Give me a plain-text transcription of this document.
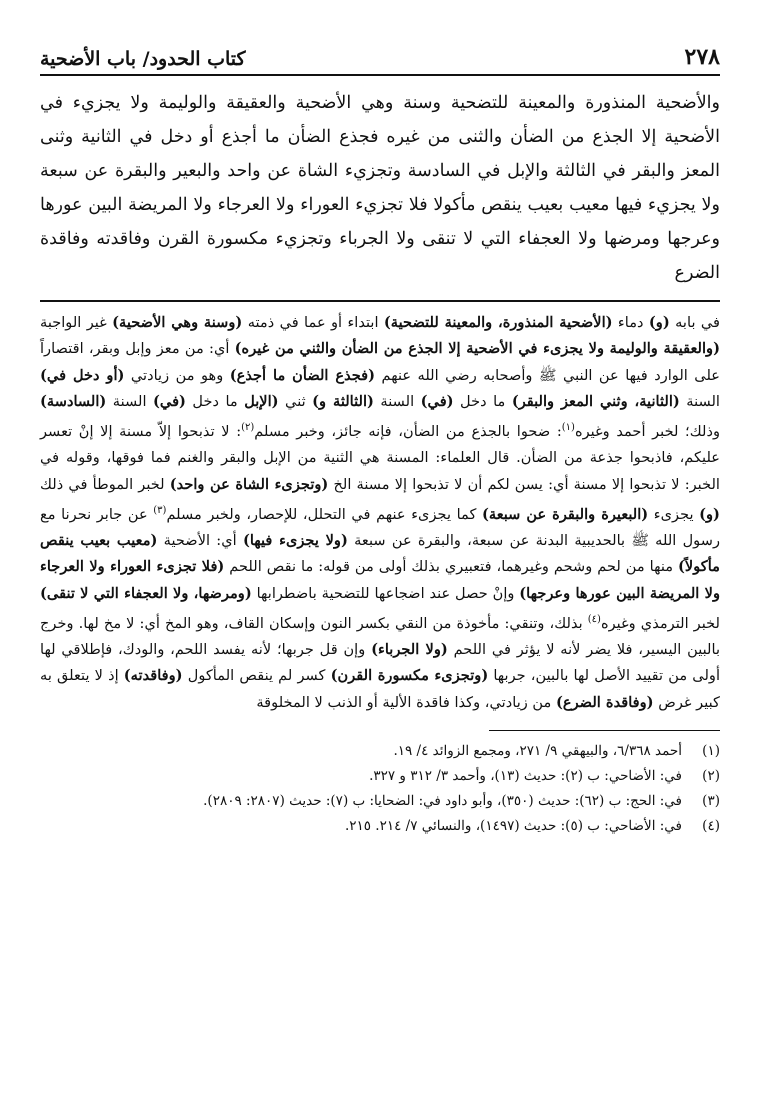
٢٧٨
كتاب الحدود/ باب الأضحية
والأضحية المنذورة والمعينة للتضحية وسنة وهي الأضحية والعقيقة والوليمة ولا يجزيء في الأضحية إلا الجذع من الضأن والثنى من غيره فجذع الضأن ما أجذع أو دخل في الثانية وثنى المعز والبقر في الثالثة والإبل في السادسة وتجزيء الشاة عن واحد والبعير والبقرة عن سبعة ولا يجزيء فيها معيب بعيب ينقص مأكولا فلا تجزيء العوراء ولا العرجاء ولا المريضة البين عورها وعرجها ومرضها ولا العجفاء التي لا تنقى ولا الجرباء وتجزيء مكسورة القرن وفاقدته وفاقدة الضرع
في بابه (و) دماء (الأضحية المنذورة، والمعينة للتضحية) ابتداء أو عما في ذمته (وسنة وهي الأضحية) غير الواجبة (والعقيقة والوليمة ولا يجزىء في الأضحية إلا الجذع من الضأن والثني من غيره) أي: من معز وإبل وبقر، اقتصاراً على الوارد فيها عن النبي ﷺ وأصحابه رضي الله عنهم (فجذع الضأن ما أجذع) وهو من زيادتي (أو دخل في) السنة (الثانية، وثني المعز والبقر) ما دخل (في) السنة (الثالثة و) ثني (الإبل ما دخل (في) السنة (السادسة) وذلك؛ لخبر أحمد وغيره$^{(١)}$: ضحوا بالجذع من الضأن، فإنه جائز، وخبر مسلم$^{(٢)}$: لا تذبحوا إلاّ مسنة إلا إنْ تعسر عليكم، فاذبحوا جذعة من الضأن. قال العلماء: المسنة هي الثنية من الإبل والبقر والغنم فما فوقها، وقوله في الخبر: لا تذبحوا إلا مسنة أي: يسن لكم أن لا تذبحوا إلا مسنة الخ (وتجزىء الشاة عن واحد) لخبر الموطأ في ذلك (و) يجزىء (البعيرة والبقرة عن سبعة) كما يجزىء عنهم في التحلل، للإحصار، ولخبر مسلم$^{(٣)}$ عن جابر نحرنا مع رسول الله ﷺ بالحديبية البدنة عن سبعة، والبقرة عن سبعة (ولا يجزىء فيها) أي: الأضحية (معيب بعيب ينقص مأكولاً) منها من لحم وشحم وغيرهما، فتعبيري بذلك أولى من قوله: ما نقص اللحم (فلا تجزىء العوراء ولا العرجاء ولا المريضة البين عورها وعرجها) وإنْ حصل عند اضجاعها للتضحية باضطرابها (ومرضها، ولا العجفاء التي لا تنقى) لخبر الترمذي وغيره$^{(٤)}$ بذلك، وتنقي: مأخوذة من النقي بكسر النون وإسكان القاف، وهو المخ أي: لا مخ لها. وخرج بالبين اليسير، فلا يضر لأنه لا يؤثر في اللحم (ولا الجرباء) وإن قل جربها؛ لأنه يفسد اللحم، والودك، فإطلاقي لها أولى من تقييد الأصل لها بالبين، جربها (وتجزىء مكسورة القرن) كسر لم ينقص المأكول (وفاقدته) إذ لا يتعلق به كبير غرض (وفاقدة الضرع) من زيادتي، وكذا فاقدة الألية أو الذنب لا المخلوقة
(١)
أحمد ٦/٣٦٨، والبيهقي ٩/ ٢٧١، ومجمع الزوائد ٤/ ١٩.
(٢)
في: الأضاحي: ب (٢): حديث (١٣)، وأحمد ٣/ ٣١٢ و ٣٢٧.
(٣)
في: الحج: ب (٦٢): حديث (٣٥٠)، وأبو داود في: الضحايا: ب (٧): حديث (٢٨٠٧: ٢٨٠٩).
(٤)
في: الأضاحي: ب (٥): حديث (١٤٩٧)، والنسائي ٧/ ٢١٤. ٢١٥.
